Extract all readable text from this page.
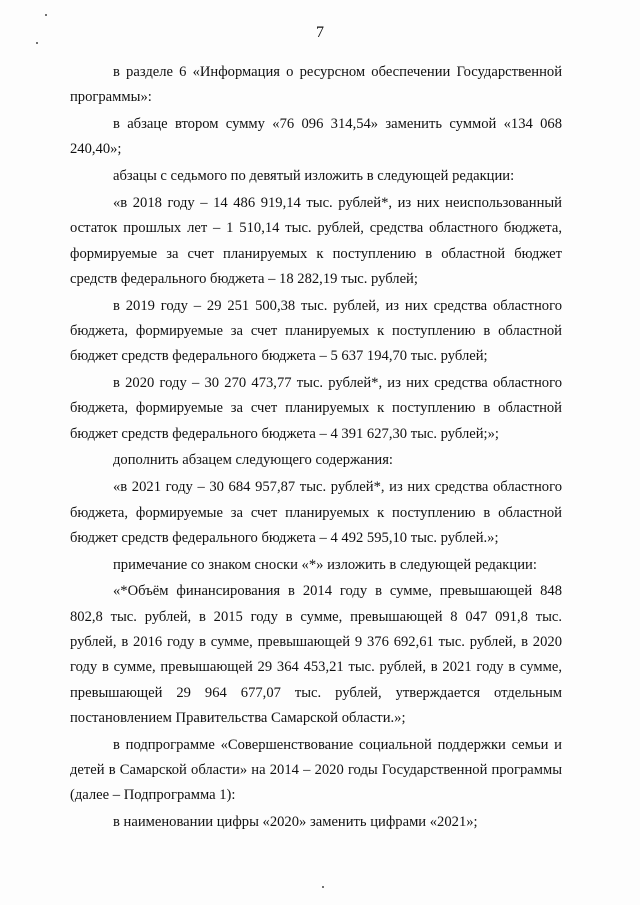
7

в разделе 6 «Информация о ресурсном обеспечении Государственной программы»:

в абзаце втором сумму «76 096 314,54» заменить суммой «134 068 240,40»;

абзацы с седьмого по девятый изложить в следующей редакции:

«в 2018 году – 14 486 919,14 тыс. рублей*, из них неиспользованный остаток прошлых лет – 1 510,14 тыс. рублей, средства областного бюджета, формируемые за счет планируемых к поступлению в областной бюджет средств федерального бюджета – 18 282,19 тыс. рублей;

в 2019 году – 29 251 500,38 тыс. рублей, из них средства областного бюджета, формируемые за счет планируемых к поступлению в областной бюджет средств федерального бюджета – 5 637 194,70 тыс. рублей;

в 2020 году – 30 270 473,77 тыс. рублей*, из них средства областного бюджета, формируемые за счет планируемых к поступлению в областной бюджет средств федерального бюджета – 4 391 627,30 тыс. рублей;»;

дополнить абзацем следующего содержания:

«в 2021 году – 30 684 957,87 тыс. рублей*, из них средства областного бюджета, формируемые за счет планируемых к поступлению в областной бюджет средств федерального бюджета – 4 492 595,10 тыс. рублей.»;

примечание со знаком сноски «*» изложить в следующей редакции:

«*Объём финансирования в 2014 году в сумме, превышающей 848 802,8 тыс. рублей, в 2015 году в сумме, превышающей 8 047 091,8 тыс. рублей, в 2016 году в сумме, превышающей 9 376 692,61 тыс. рублей, в 2020 году в сумме, превышающей 29 364 453,21 тыс. рублей, в 2021 году в сумме, превышающей 29 964 677,07 тыс. рублей, утверждается отдельным постановлением Правительства Самарской области.»;

в подпрограмме «Совершенствование социальной поддержки семьи и детей в Самарской области» на 2014 – 2020 годы Государственной программы (далее – Подпрограмма 1):

в наименовании цифры «2020» заменить цифрами «2021»;
